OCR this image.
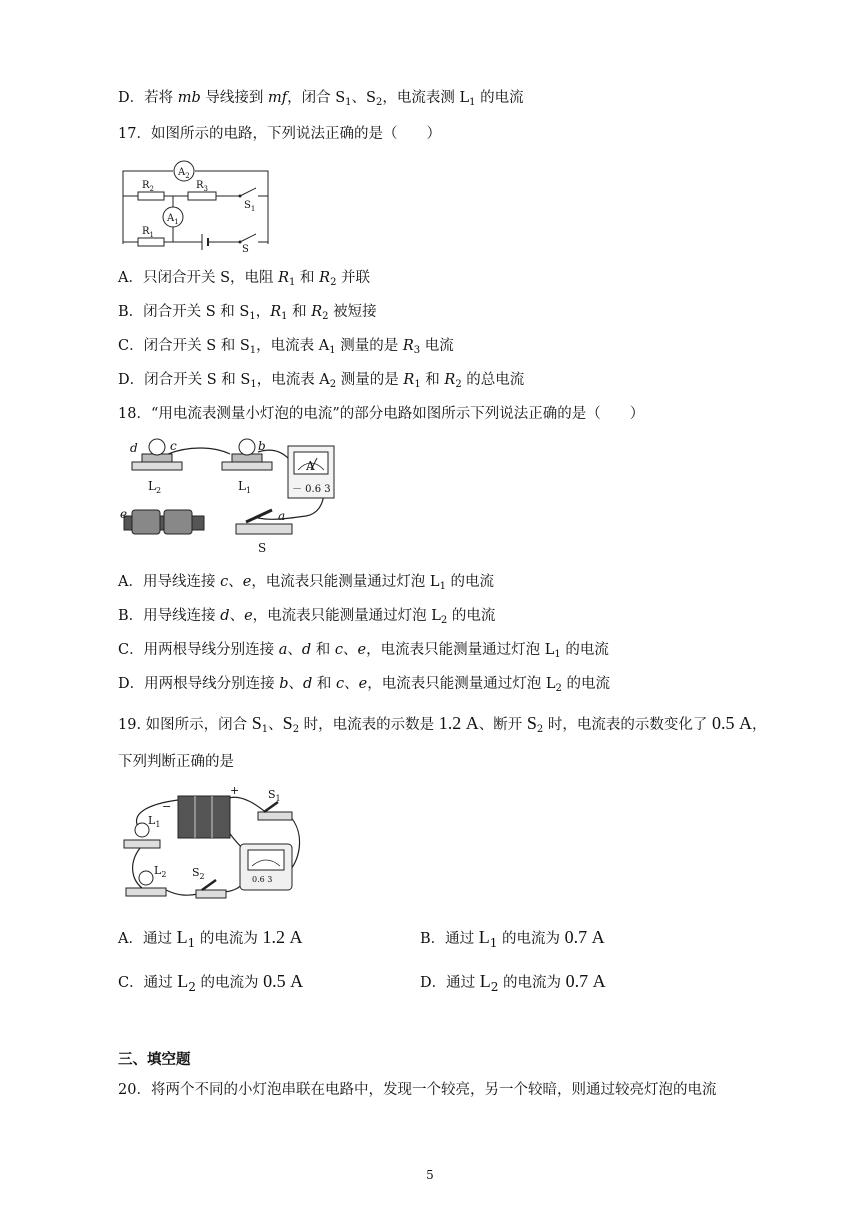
D．若将 mb 导线接到 mf，闭合 $S_1$、$S_2$，电流表测 $L_1$ 的电流
17．如图所示的电路，下列说法正确的是（　　）
$A_2$
$A_1$
$R_2$	$R_3$
$R_1$
$S_1$
S
A．只闭合开关 S，电阻 $R_1$ 和 $R_2$ 并联
B．闭合开关 S 和 $S_1$，$R_1$ 和 $R_2$ 被短接
C．闭合开关 S 和 $S_1$，电流表 $A_1$ 测量的是 $R_3$ 电流
D．闭合开关 S 和 $S_1$，电流表 $A_2$ 测量的是 $R_1$ 和 $R_2$ 的总电流
18．“用电流表测量小灯泡的电流”的部分电路如图所示下列说法正确的是（　　）
d	c	b
a
e
$L_2$	$L_1$
A
－ 0.6 3
S
A．用导线连接 c、e，电流表只能测量通过灯泡 $L_1$ 的电流
B．用导线连接 d、e，电流表只能测量通过灯泡 $L_2$ 的电流
C．用两根导线分别连接 a、d 和 c、e，电流表只能测量通过灯泡 $L_1$ 的电流
D．用两根导线分别连接 b、d 和 c、e，电流表只能测量通过灯泡 $L_2$ 的电流
19. 如图所示，闭合 $S_1$、$S_2$ 时，电流表的示数是 1.2 A、断开 $S_2$ 时，电流表的示数变化了 0.5 A，
下列判断正确的是
+
−
$S_1$
$S_2$
$L_1$
$L_2$
0.6 3
A．通过 $L_1$ 的电流为 1.2 A	B．通过 $L_1$ 的电流为 0.7 A
C．通过 $L_2$ 的电流为 0.5 A	D．通过 $L_2$ 的电流为 0.7 A
三、填空题
20．将两个不同的小灯泡串联在电路中，发现一个较亮，另一个较暗，则通过较亮灯泡的电流
5
